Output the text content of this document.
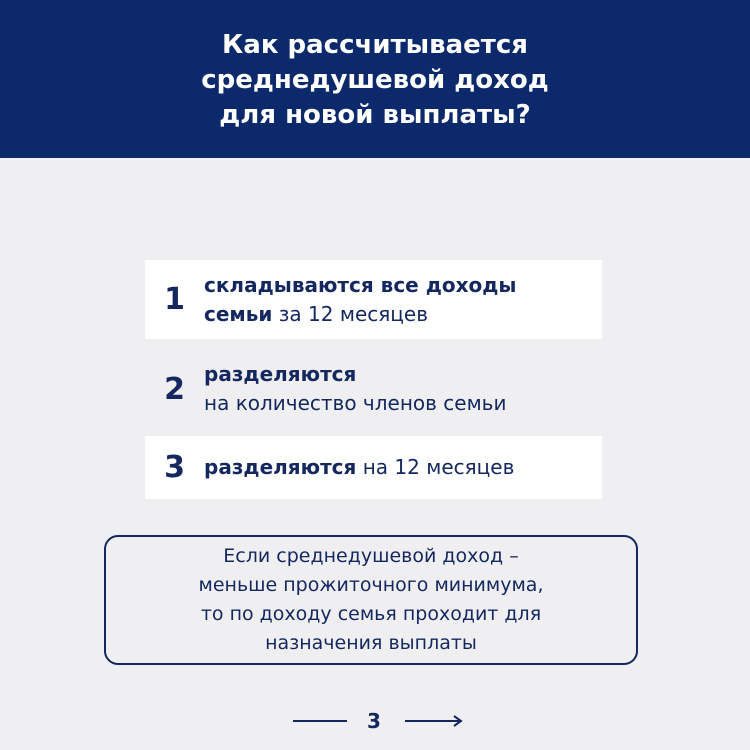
Как рассчитывается
среднедушевой доход
для новой выплаты?
1 складываются все доходы
семьи за 12 месяцев
2 разделяются
на количество членов семьи
3 разделяются на 12 месяцев
Если среднедушевой доход –
меньше прожиточного минимума,
то по доходу семья проходит для
назначения выплаты
3
